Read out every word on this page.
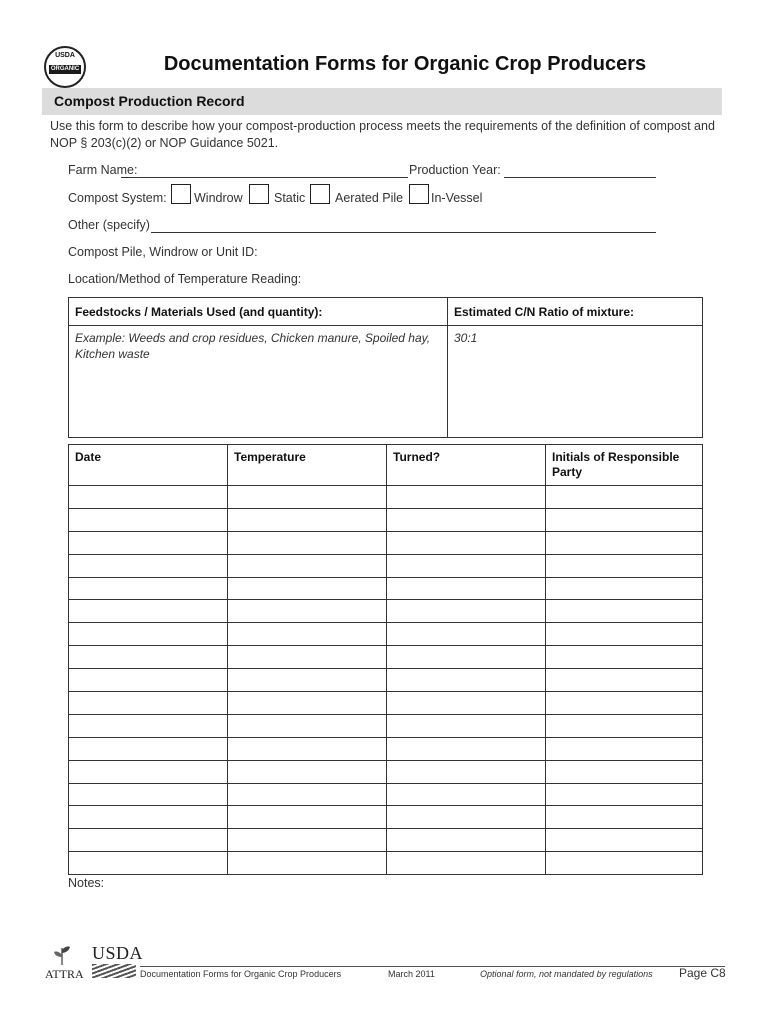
USDA
ORGANIC	Documentation Forms for Organic Crop Producers
Compost Production Record
Use this form to describe how your compost-production process meets the requirements of the definition of compost and NOP § 203(c)(2) or NOP Guidance 5021.
Farm Name:	Production Year:
Compost System: Windrow	Static Aerated Pile In-Vessel
Other (specify)
Compost Pile, Windrow or Unit ID:
Location/Method of Temperature Reading:
Feedstocks / Materials Used (and quantity):	Estimated C/N Ratio of mixture:
Example: Weeds and crop residues, Chicken manure, Spoiled hay, Kitchen waste	30:1
Date	Temperature	Turned?	Initials of Responsible Party

Notes:
ATTRA
USDA
Documentation Forms for Organic Crop Producers	March 2011	Optional form, not mandated by regulations Page C8
